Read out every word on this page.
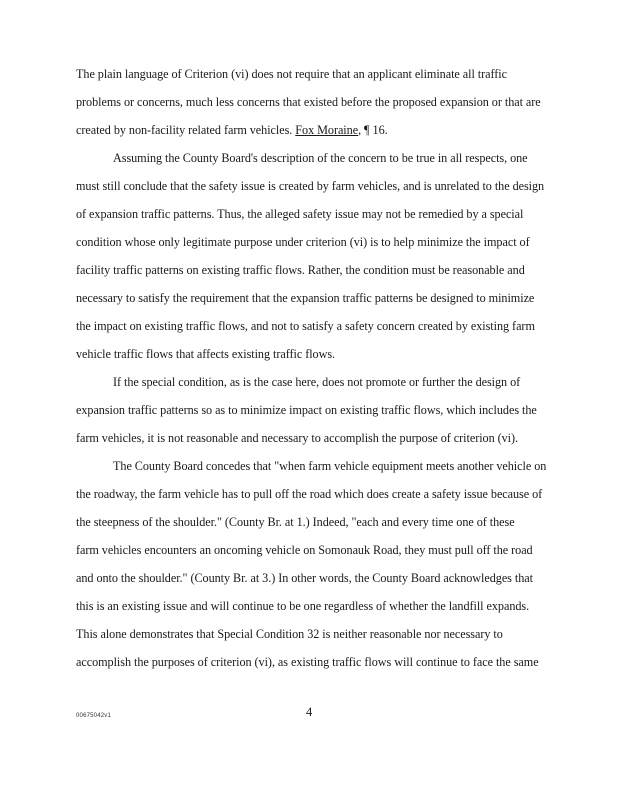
The plain language of Criterion (vi) does not require that an applicant eliminate all traffic
problems or concerns, much less concerns that existed before the proposed expansion or that are
created by non-facility related farm vehicles. Fox Moraine, ¶ 16.
Assuming the County Board's description of the concern to be true in all respects, one
must still conclude that the safety issue is created by farm vehicles, and is unrelated to the design
of expansion traffic patterns. Thus, the alleged safety issue may not be remedied by a special
condition whose only legitimate purpose under criterion (vi) is to help minimize the impact of
facility traffic patterns on existing traffic flows. Rather, the condition must be reasonable and
necessary to satisfy the requirement that the expansion traffic patterns be designed to minimize
the impact on existing traffic flows, and not to satisfy a safety concern created by existing farm
vehicle traffic flows that affects existing traffic flows.
If the special condition, as is the case here, does not promote or further the design of
expansion traffic patterns so as to minimize impact on existing traffic flows, which includes the
farm vehicles, it is not reasonable and necessary to accomplish the purpose of criterion (vi).
The County Board concedes that "when farm vehicle equipment meets another vehicle on
the roadway, the farm vehicle has to pull off the road which does create a safety issue because of
the steepness of the shoulder." (County Br. at 1.) Indeed, "each and every time one of these
farm vehicles encounters an oncoming vehicle on Somonauk Road, they must pull off the road
and onto the shoulder." (County Br. at 3.) In other words, the County Board acknowledges that
this is an existing issue and will continue to be one regardless of whether the landfill expands.
This alone demonstrates that Special Condition 32 is neither reasonable nor necessary to
accomplish the purposes of criterion (vi), as existing traffic flows will continue to face the same
00675042v1	4
